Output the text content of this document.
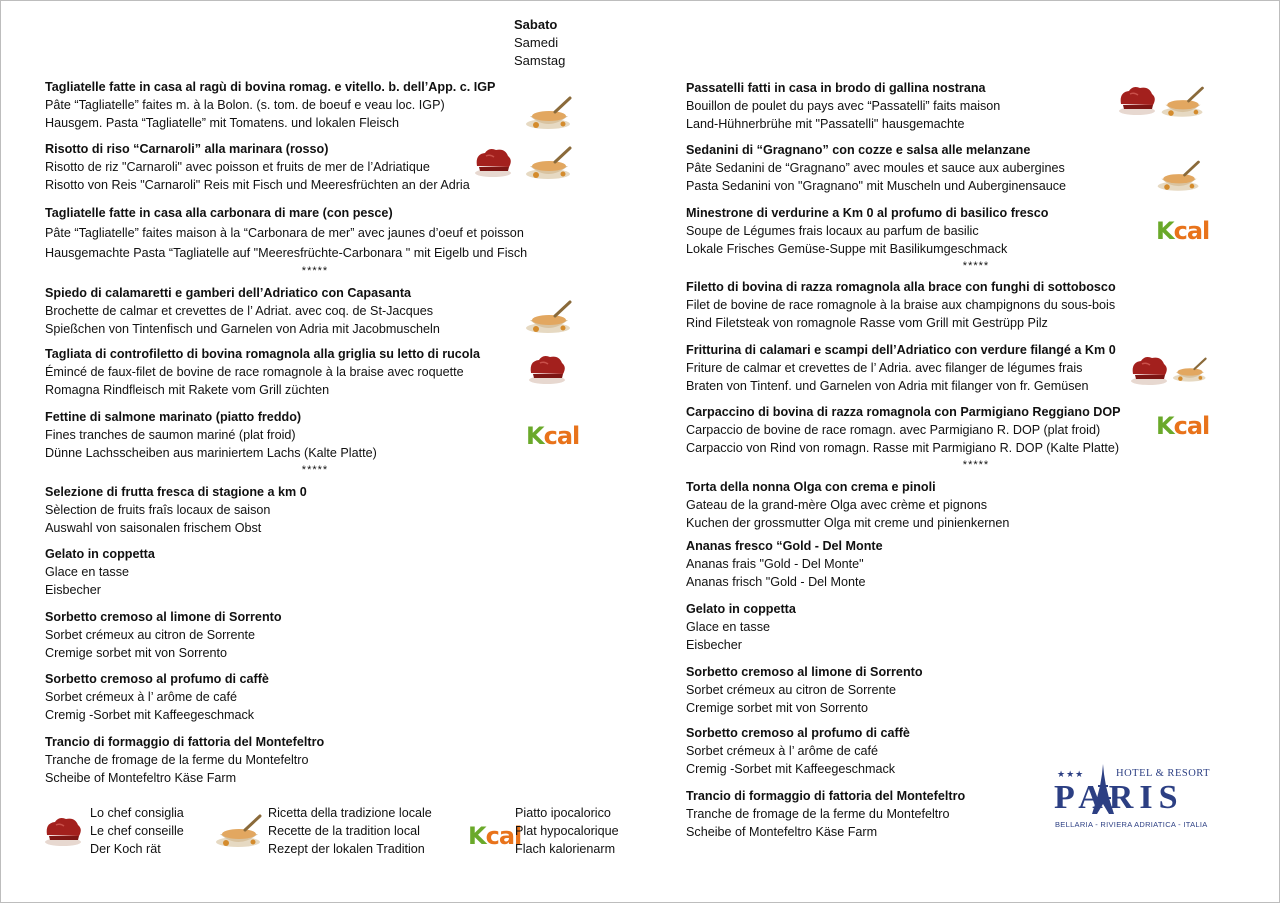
Sabato
Samedi
Samstag
Tagliatelle fatte in casa al ragù di bovina romag. e vitello. b. dell’App. c. IGP
Pâte “Tagliatelle” faites m. à la Bolon. (s. tom. de boeuf e veau loc. IGP)
Hausgem. Pasta “Tagliatelle” mit Tomatens. und lokalen Fleisch
Risotto di riso “Carnaroli” alla marinara (rosso)
Risotto de riz "Carnaroli" avec poisson et fruits de mer de l’Adriatique
Risotto von Reis "Carnaroli" Reis mit Fisch und Meeresfrüchten an der Adria
Tagliatelle fatte in casa alla carbonara di mare (con pesce)
Pâte “Tagliatelle” faites maison à la “Carbonara de mer” avec jaunes d’oeuf et poisson
Hausgemachte Pasta “Tagliatelle auf "Meeresfrüchte-Carbonara " mit Eigelb und Fisch
*****
Spiedo di calamaretti e gamberi dell’Adriatico con Capasanta
Brochette de calmar et crevettes de l’ Adriat. avec coq. de St-Jacques
Spießchen von Tintenfisch und Garnelen von Adria mit Jacobmuscheln
Tagliata di controfiletto di bovina romagnola alla griglia su letto di rucola
Émincé de faux-filet de bovine de race romagnole à la braise avec roquette
Romagna Rindfleisch mit Rakete vom Grill züchten
Fettine di salmone marinato (piatto freddo)
Fines tranches de saumon mariné (plat froid)
Dünne Lachsscheiben aus mariniertem Lachs (Kalte Platte)
*****
Selezione di frutta fresca di stagione a km 0
Sèlection de fruits fraîs locaux de saison
Auswahl von saisonalen frischem Obst
Gelato in coppetta
Glace en tasse
Eisbecher
Sorbetto cremoso al limone di Sorrento
Sorbet crémeux au citron de Sorrente
Cremige sorbet mit von Sorrento
Sorbetto cremoso al profumo di caffè
Sorbet crémeux à l’ arôme de café
Cremig -Sorbet mit Kaffeegeschmack
Trancio di formaggio di fattoria del Montefeltro
Tranche de fromage de la ferme du Montefeltro
Scheibe of Montefeltro Käse Farm
Passatelli fatti in casa in brodo di gallina nostrana
Bouillon de poulet du pays avec “Passatelli” faits maison
Land-Hühnerbrühe mit "Passatelli" hausgemachte
Sedanini di “Gragnano” con cozze e salsa alle melanzane
Pâte Sedanini de “Gragnano” avec moules et sauce aux aubergines
Pasta Sedanini von "Gragnano" mit Muscheln und Auberginensauce
Minestrone di verdurine a Km 0 al profumo di basilico fresco
Soupe de Légumes frais locaux au parfum de basilic
Lokale Frisches Gemüse-Suppe mit Basilikumgeschmack
*****
Filetto di bovina di razza romagnola alla brace con funghi di sottobosco
Filet de bovine de race romagnole à la braise aux champignons du sous-bois
Rind Filetsteak von romagnole Rasse vom Grill mit Gestrüpp Pilz
Fritturina di calamari e scampi dell’Adriatico con verdure filangé a Km 0
Friture de calmar et crevettes de l’ Adria. avec filanger de légumes frais
Braten von Tintenf. und Garnelen von Adria mit filanger von fr. Gemüsen
Carpaccino di bovina di razza romagnola con Parmigiano Reggiano DOP
Carpaccio de bovine de race romagn. avec Parmigiano R. DOP (plat froid)
Carpaccio von Rind von romagn. Rasse mit Parmigiano R. DOP (Kalte Platte)
*****
Torta della nonna Olga con crema e pinoli
Gateau de la grand-mère Olga avec crème et pignons
Kuchen der grossmutter Olga mit creme und pinienkernen
Ananas fresco “Gold - Del Monte
Ananas frais "Gold - Del Monte"
Ananas frisch "Gold - Del Monte
Gelato in coppetta
Glace en tasse
Eisbecher
Sorbetto cremoso al limone di Sorrento
Sorbet crémeux au citron de Sorrente
Cremige sorbet mit von Sorrento
Sorbetto cremoso al profumo di caffè
Sorbet crémeux à l’ arôme de café
Cremig -Sorbet mit Kaffeegeschmack
Trancio di formaggio di fattoria del Montefeltro
Tranche de fromage de la ferme du Montefeltro
Scheibe of Montefeltro Käse Farm
Kcal
Kcal
Kcal
Kcal
Lo chef consiglia
Le chef conseille
Der Koch rät
Ricetta della tradizione locale
Recette de la tradition local
Rezept der lokalen Tradition
Piatto ipocalorico
Plat hypocalorique
Flach kalorienarm
★★★	HOTEL & RESORT
PARIS
BELLARIA - RIVIERA ADRIATICA - ITALIA
